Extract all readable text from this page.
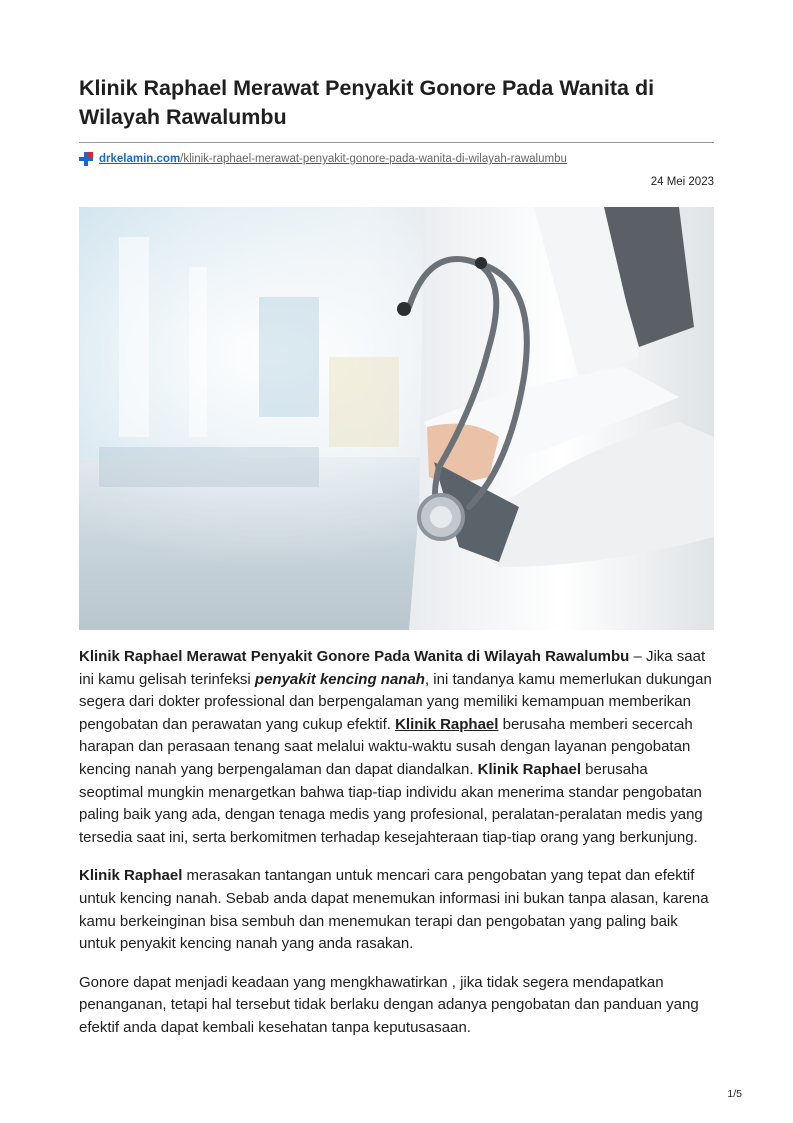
Klinik Raphael Merawat Penyakit Gonore Pada Wanita di Wilayah Rawalumbu
drkelamin.com/klinik-raphael-merawat-penyakit-gonore-pada-wanita-di-wilayah-rawalumbu
24 Mei 2023

Klinik Raphael Merawat Penyakit Gonore Pada Wanita di Wilayah Rawalumbu – Jika saat ini kamu gelisah terinfeksi penyakit kencing nanah, ini tandanya kamu memerlukan dukungan segera dari dokter professional dan berpengalaman yang memiliki kemampuan memberikan pengobatan dan perawatan yang cukup efektif. Klinik Raphael berusaha memberi secercah harapan dan perasaan tenang saat melalui waktu-waktu susah dengan layanan pengobatan kencing nanah yang berpengalaman dan dapat diandalkan. Klinik Raphael berusaha seoptimal mungkin menargetkan bahwa tiap-tiap individu akan menerima standar pengobatan paling baik yang ada, dengan tenaga medis yang profesional, peralatan-peralatan medis yang tersedia saat ini, serta berkomitmen terhadap kesejahteraan tiap-tiap orang yang berkunjung.

Klinik Raphael merasakan tantangan untuk mencari cara pengobatan yang tepat dan efektif untuk kencing nanah. Sebab anda dapat menemukan informasi ini bukan tanpa alasan, karena kamu berkeinginan bisa sembuh dan menemukan terapi dan pengobatan yang paling baik untuk penyakit kencing nanah yang anda rasakan.

Gonore dapat menjadi keadaan yang mengkhawatirkan , jika tidak segera mendapatkan penanganan, tetapi hal tersebut tidak berlaku dengan adanya pengobatan dan panduan yang efektif anda dapat kembali kesehatan tanpa keputusasaan.

1/5
